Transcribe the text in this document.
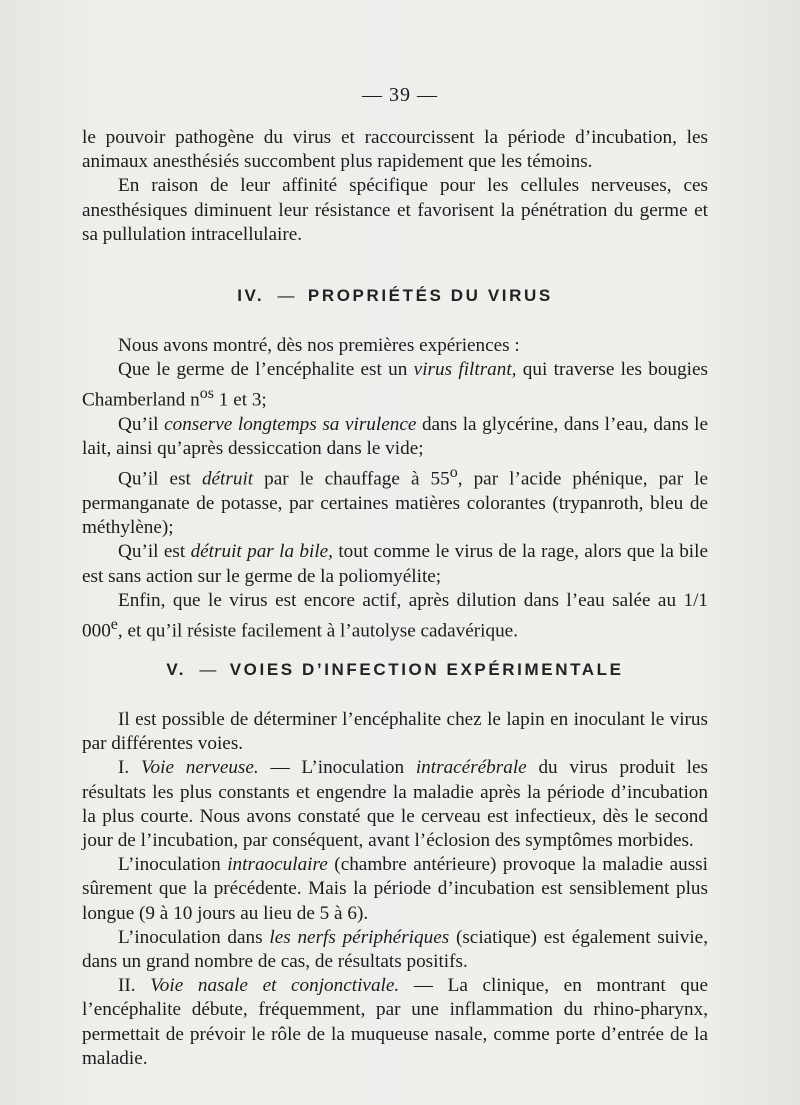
— 39 —

le pouvoir pathogène du virus et raccourcissent la période d’incubation, les animaux anesthésiés succombent plus rapidement que les témoins.

En raison de leur affinité spécifique pour les cellules nerveuses, ces anesthésiques diminuent leur résistance et favorisent la pénétration du germe et sa pullulation intracellulaire.

IV. — PROPRIÉTÉS DU VIRUS

Nous avons montré, dès nos premières expériences :

Que le germe de l’encéphalite est un virus filtrant, qui traverse les bougies Chamberland $n^{os}$ 1 et 3;

Qu’il conserve longtemps sa virulence dans la glycérine, dans l’eau, dans le lait, ainsi qu’après dessiccation dans le vide;

Qu’il est détruit par le chauffage à 55$^o$, par l’acide phénique, par le permanganate de potasse, par certaines matières colorantes (trypanroth, bleu de méthylène);

Qu’il est détruit par la bile, tout comme le virus de la rage, alors que la bile est sans action sur le germe de la poliomyélite;

Enfin, que le virus est encore actif, après dilution dans l’eau salée au 1/1 000e, et qu’il résiste facilement à l’autolyse cadavérique.

V. — VOIES D’INFECTION EXPÉRIMENTALE

Il est possible de déterminer l’encéphalite chez le lapin en inoculant le virus par différentes voies.

I. Voie nerveuse. — L’inoculation intracérébrale du virus produit les résultats les plus constants et engendre la maladie après la période d’incubation la plus courte. Nous avons constaté que le cerveau est infectieux, dès le second jour de l’incubation, par conséquent, avant l’éclosion des symptômes morbides.

L’inoculation intraoculaire (chambre antérieure) provoque la maladie aussi sûrement que la précédente. Mais la période d’incubation est sensiblement plus longue (9 à 10 jours au lieu de 5 à 6).

L’inoculation dans les nerfs périphériques (sciatique) est également suivie, dans un grand nombre de cas, de résultats positifs.

II. Voie nasale et conjonctivale. — La clinique, en montrant que l’encéphalite débute, fréquemment, par une inflammation du rhino-pharynx, permettait de prévoir le rôle de la muqueuse nasale, comme porte d’entrée de la maladie.
